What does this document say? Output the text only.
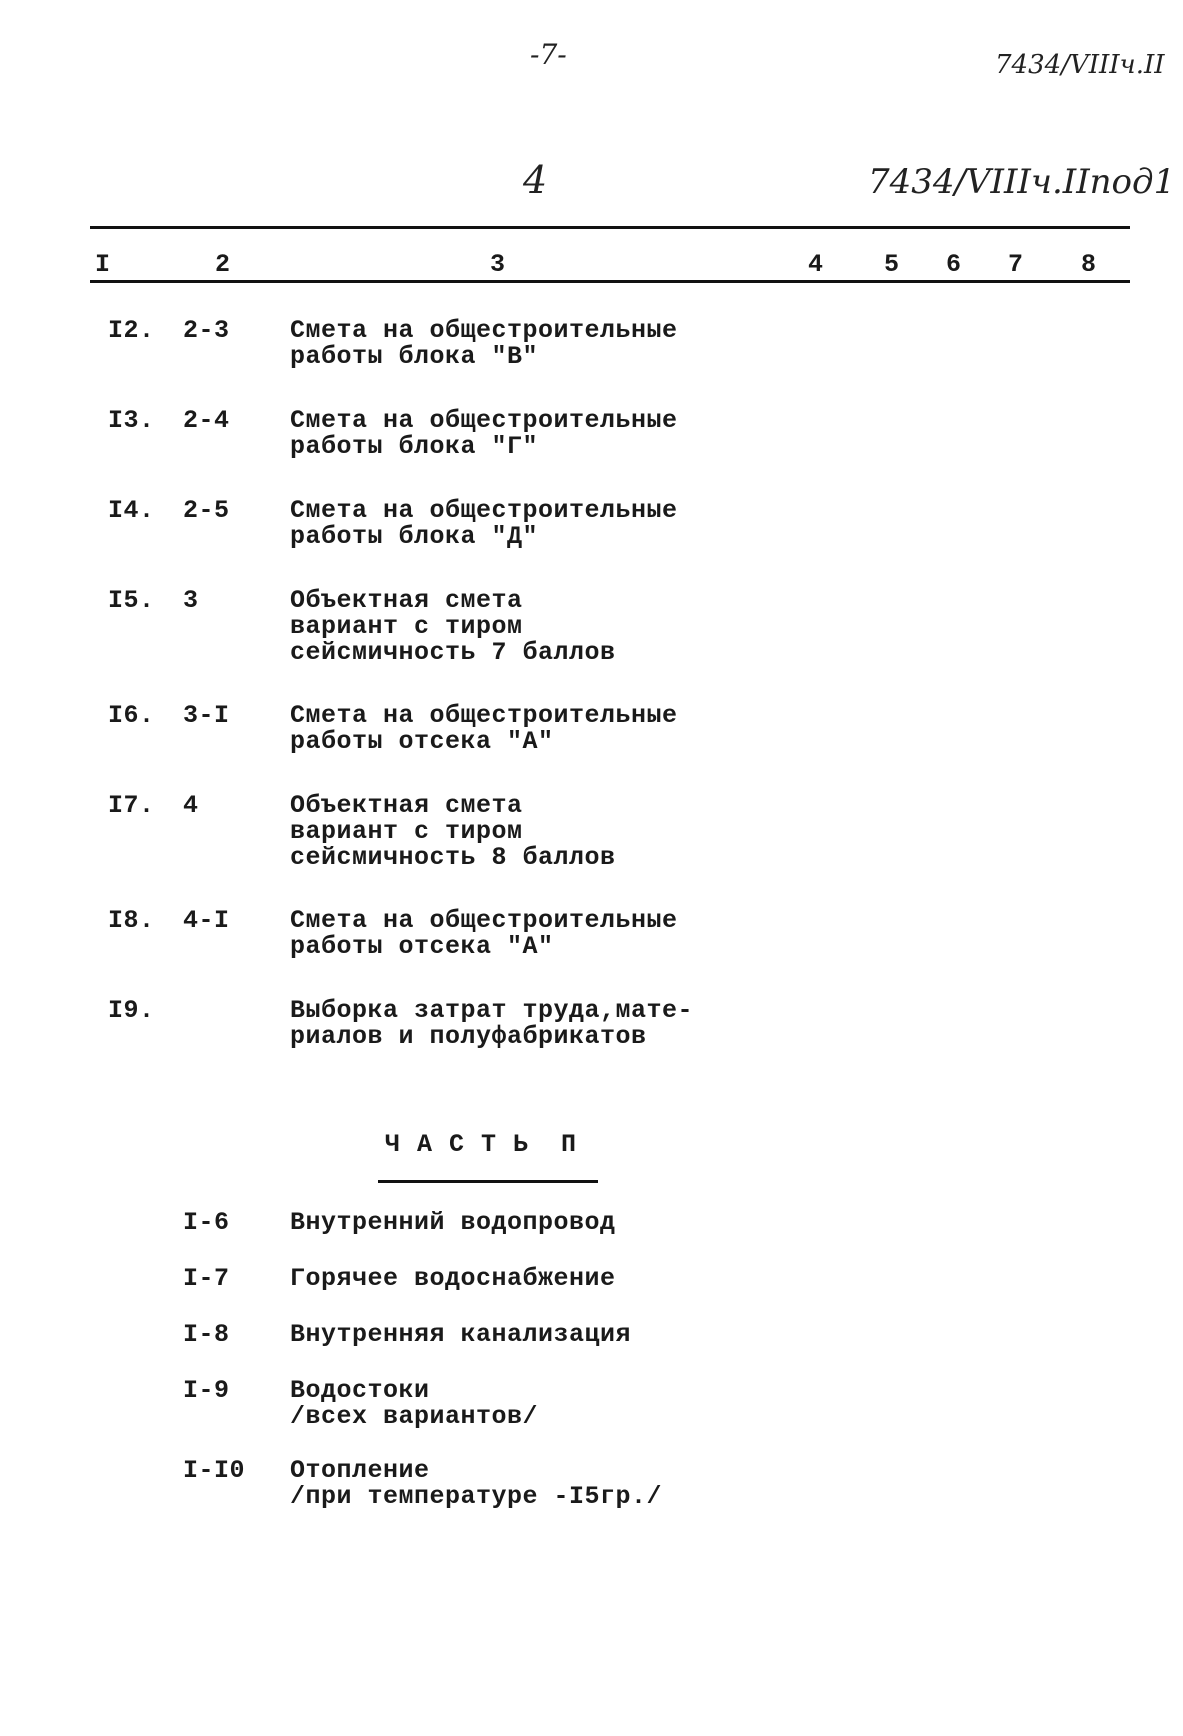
-7-	7434/VIIIч.II
4	7434/VIIIч.IIпод1
I	2	3	4 5 6 7 8
I2. 2-3 Смета на общестроительные
работы блока "В"
I3. 2-4 Смета на общестроительные
работы блока "Г"
I4. 2-5 Смета на общестроительные
работы блока "Д"
I5. 3	Объектная смета
вариант с тиром
сейсмичность 7 баллов
I6. 3-I Смета на общестроительные
работы отсека "А"
I7. 4	Объектная смета
вариант с тиром
сейсмичность 8 баллов
I8. 4-I Смета на общестроительные
работы отсека "А"
I9.	Выборка затрат труда,мате-
риалов и полуфабрикатов
Ч А С Т Ь  П
I-6 Внутренний водопровод
I-7 Горячее водоснабжение
I-8 Внутренняя канализация
I-9 Водостоки
/всех вариантов/
I-I0 Отопление
/при температуре -I5гр./
